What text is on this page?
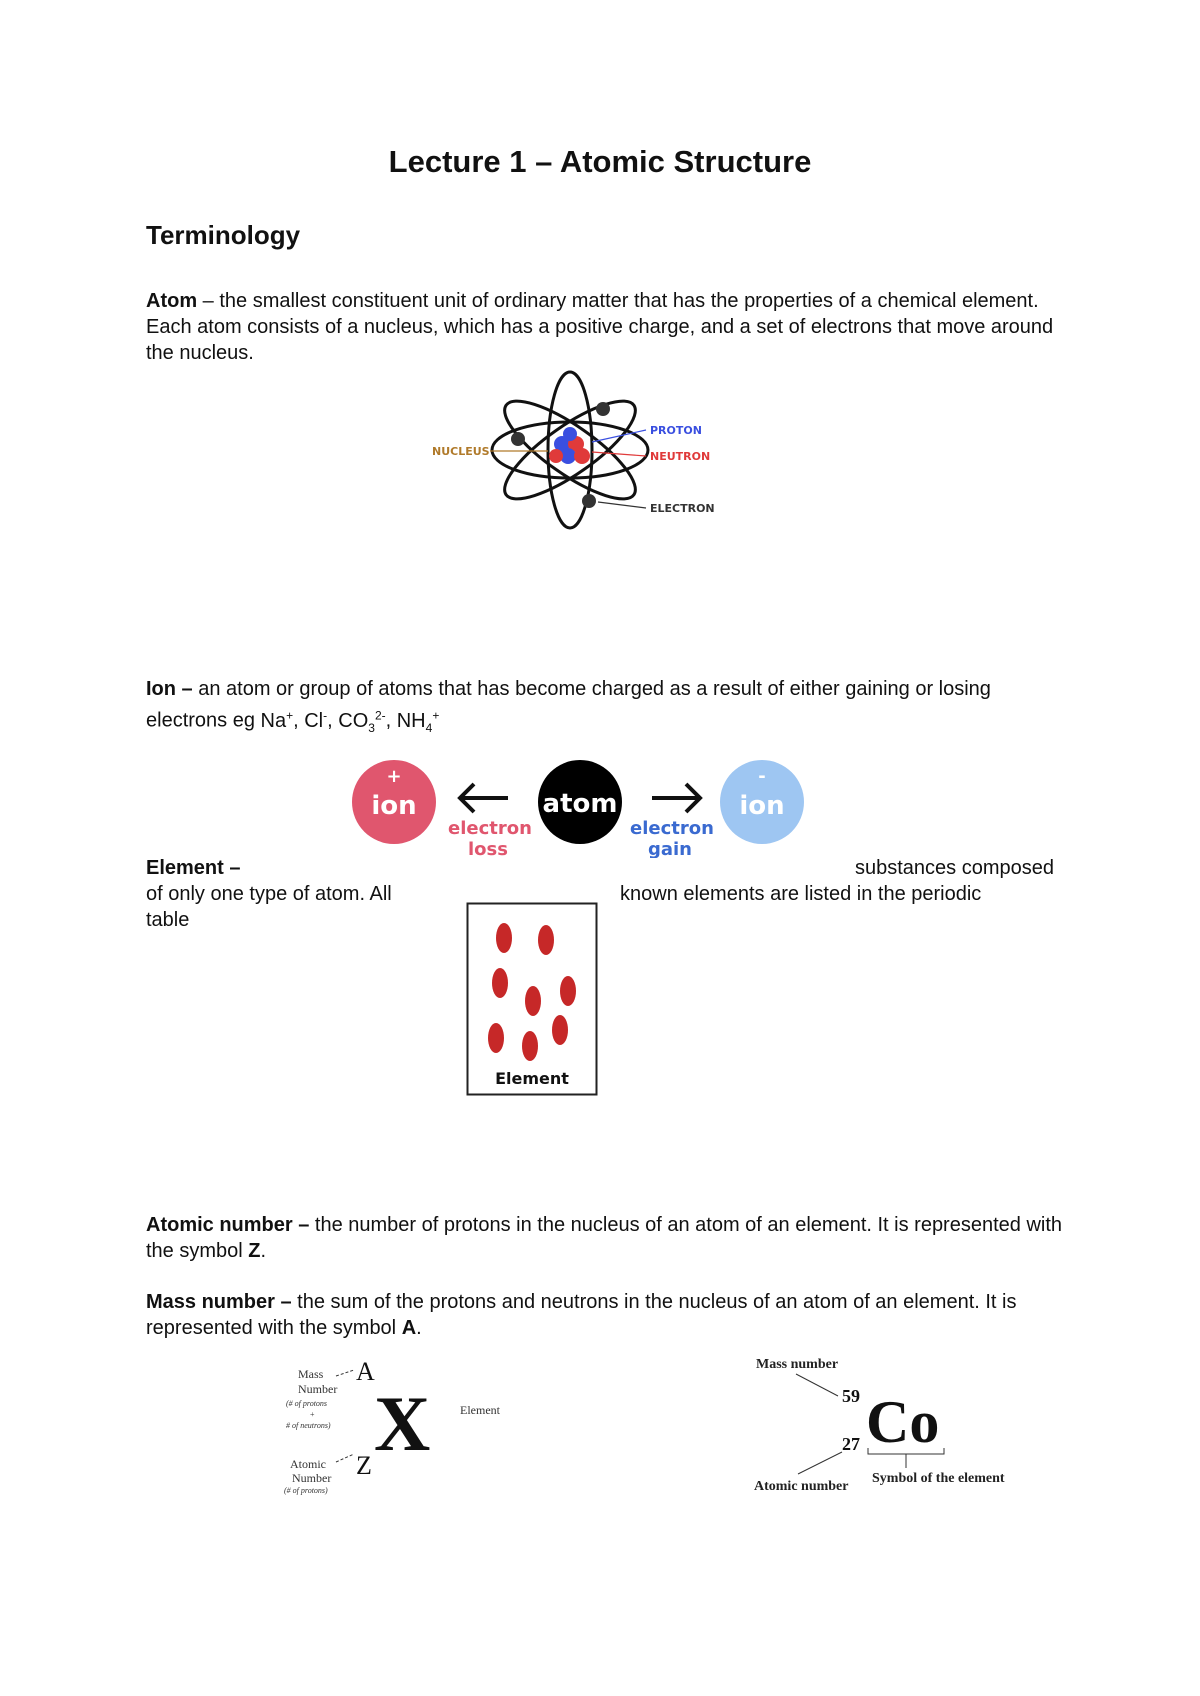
Lecture 1 – Atomic Structure
Terminology
Atom – the smallest constituent unit of ordinary matter that has the properties of a chemical element. Each atom consists of a nucleus, which has a positive charge, and a set of electrons that move around the nucleus.
NUCLEUS
PROTON
NEUTRON
ELECTRON
Ion – an atom or group of atoms that has become charged as a result of either gaining or losing electrons eg Na+, Cl-, $CO_3^{2-}$, $NH_4^+$
+
ion
electron
loss
atom
electron
gain
-
ion
Element –	substances composed
of only one type of atom. All	known elements are listed in the periodic
table
Element
Atomic number – the number of protons in the nucleus of an atom of an element. It is represented with the symbol Z.
Mass number – the sum of the protons and neutrons in the nucleus of an atom of an element. It is represented with the symbol A.
Mass
Number
(# of protons
+
# of neutrons)
A
X Element
Z
Atomic
Number
(# of protons)
Mass number
59 Co
27
Atomic number
Symbol of the element
